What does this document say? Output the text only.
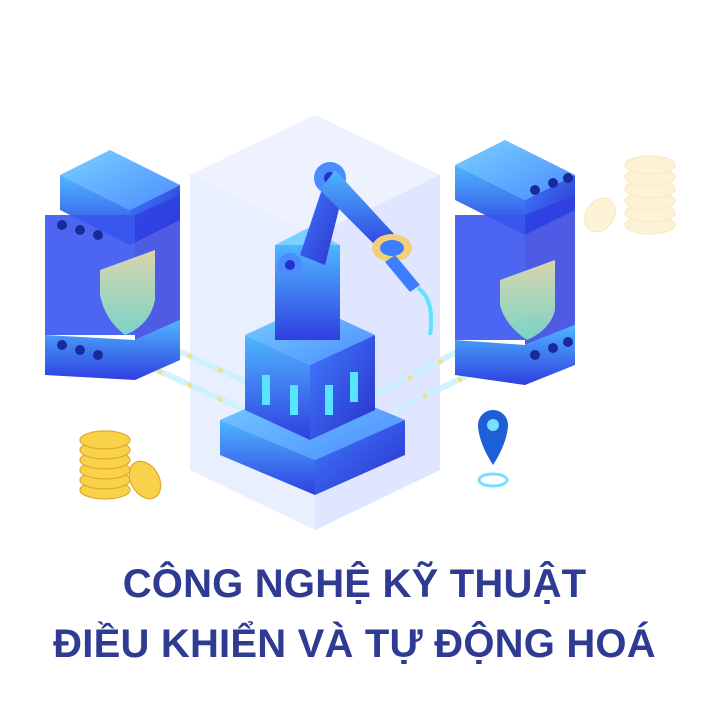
CÔNG NGHỆ KỸ THUẬT
ĐIỀU KHIỂN VÀ TỰ ĐỘNG HOÁ
